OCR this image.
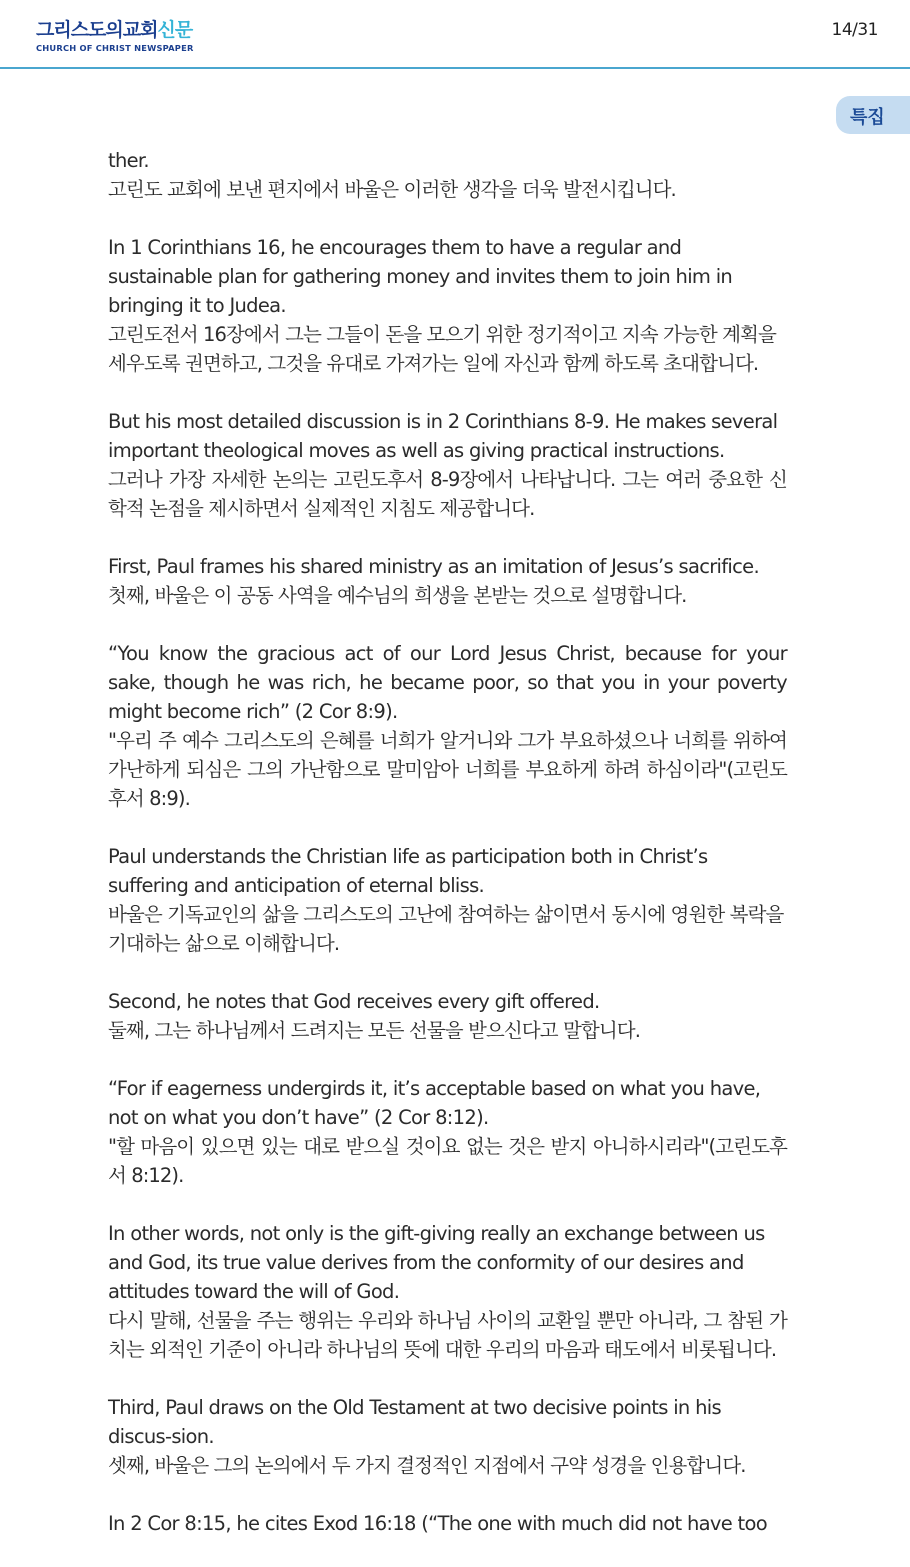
그리스도의교회신문
CHURCH OF CHRIST NEWSPAPER
14/31
특집

ther.

고린도 교회에 보낸 편지에서 바울은 이러한 생각을 더욱 발전시킵니다.

In 1 Corinthians 16, he encourages them to have a regular and sustainable plan for gathering money and invites them to join him in bringing it to Judea.

고린도전서 16장에서 그는 그들이 돈을 모으기 위한 정기적이고 지속 가능한 계획을 세우도록 권면하고, 그것을 유대로 가져가는 일에 자신과 함께 하도록 초대합니다.

But his most detailed discussion is in 2 Corinthians 8-9. He makes several important theological moves as well as giving practical instructions.

그러나 가장 자세한 논의는 고린도후서 8-9장에서 나타납니다. 그는 여러 중요한 신학적 논점을 제시하면서 실제적인 지침도 제공합니다.

First, Paul frames his shared ministry as an imitation of Jesus’s sacrifice.

첫째, 바울은 이 공동 사역을 예수님의 희생을 본받는 것으로 설명합니다.

“You know the gracious act of our Lord Jesus Christ, because for your sake, though he was rich, he became poor, so that you in your poverty might become rich” (2 Cor 8:9).

"우리 주 예수 그리스도의 은혜를 너희가 알거니와 그가 부요하셨으나 너희를 위하여 가난하게 되심은 그의 가난함으로 말미암아 너희를 부요하게 하려 하심이라"(고린도후서 8:9).

Paul understands the Christian life as participation both in Christ’s suffering and anticipation of eternal bliss.

바울은 기독교인의 삶을 그리스도의 고난에 참여하는 삶이면서 동시에 영원한 복락을 기대하는 삶으로 이해합니다.

Second, he notes that God receives every gift offered.

둘째, 그는 하나님께서 드려지는 모든 선물을 받으신다고 말합니다.

“For if eagerness undergirds it, it’s acceptable based on what you have, not on what you don’t have” (2 Cor 8:12).

"할 마음이 있으면 있는 대로 받으실 것이요 없는 것은 받지 아니하시리라"(고린도후서 8:12).

In other words, not only is the gift-giving really an exchange between us and God, its true value derives from the conformity of our desires and attitudes toward the will of God.

다시 말해, 선물을 주는 행위는 우리와 하나님 사이의 교환일 뿐만 아니라, 그 참된 가치는 외적인 기준이 아니라 하나님의 뜻에 대한 우리의 마음과 태도에서 비롯됩니다.

Third, Paul draws on the Old Testament at two decisive points in his discus-sion.

셋째, 바울은 그의 논의에서 두 가지 결정적인 지점에서 구약 성경을 인용합니다.

In 2 Cor 8:15, he cites Exod 16:18 (“The one with much did not have too
